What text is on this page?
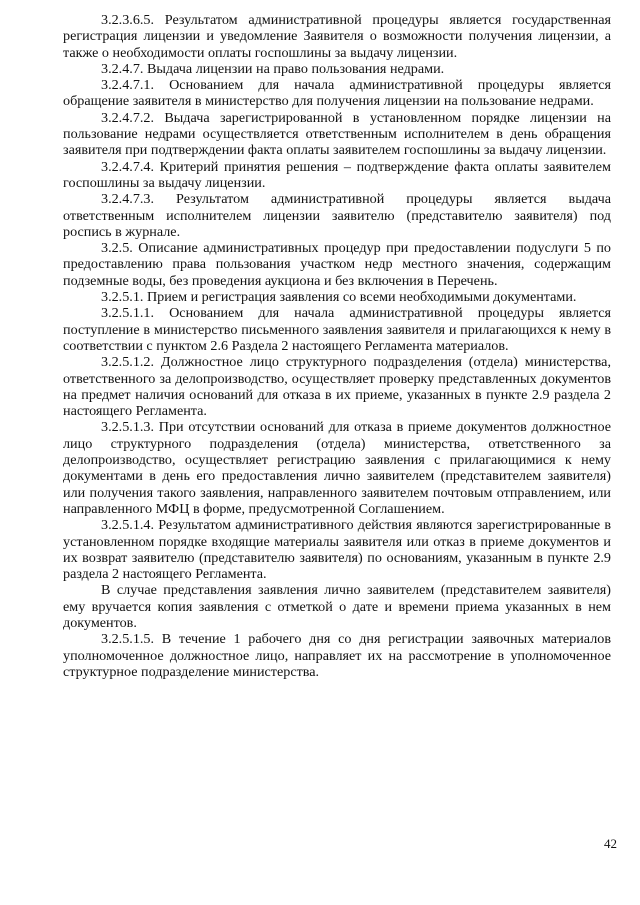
3.2.3.6.5. Результатом административной процедуры является государственная регистрация лицензии и уведомление Заявителя о возможности получения лицензии, а также о необходимости оплаты госпошлины за выдачу лицензии.

3.2.4.7. Выдача лицензии на право пользования недрами.

3.2.4.7.1. Основанием для начала административной процедуры является обращение заявителя в министерство для получения лицензии на пользование недрами.

3.2.4.7.2. Выдача зарегистрированной в установленном порядке лицензии на пользование недрами осуществляется ответственным исполнителем в день обращения заявителя при подтверждении факта оплаты заявителем госпошлины за выдачу лицензии.

3.2.4.7.4. Критерий принятия решения – подтверждение факта оплаты заявителем госпошлины за выдачу лицензии.

3.2.4.7.3. Результатом административной процедуры является выдача ответственным исполнителем лицензии заявителю (представителю заявителя) под роспись в журнале.

3.2.5. Описание административных процедур при предоставлении подуслуги 5 по предоставлению права пользования участком недр местного значения, содержащим подземные воды, без проведения аукциона и без включения в Перечень.

3.2.5.1. Прием и регистрация заявления со всеми необходимыми документами.

3.2.5.1.1. Основанием для начала административной процедуры является поступление в министерство письменного заявления заявителя и прилагающихся к нему в соответствии с пунктом 2.6 Раздела 2 настоящего Регламента материалов.

3.2.5.1.2. Должностное лицо структурного подразделения (отдела) министерства, ответственного за делопроизводство, осуществляет проверку представленных документов на предмет наличия оснований для отказа в их приеме, указанных в пункте 2.9 раздела 2 настоящего Регламента.

3.2.5.1.3. При отсутствии оснований для отказа в приеме документов должностное лицо структурного подразделения (отдела) министерства, ответственного за делопроизводство, осуществляет регистрацию заявления с прилагающимися к нему документами в день его предоставления лично заявителем (представителем заявителя) или получения такого заявления, направленного заявителем почтовым отправлением, или направленного МФЦ в форме, предусмотренной Соглашением.

3.2.5.1.4. Результатом административного действия являются зарегистрированные в установленном порядке входящие материалы заявителя или отказ в приеме документов и их возврат заявителю (представителю заявителя) по основаниям, указанным в пункте 2.9 раздела 2 настоящего Регламента.

В случае представления заявления лично заявителем (представителем заявителя) ему вручается копия заявления с отметкой о дате и времени приема указанных в нем документов.

3.2.5.1.5. В течение 1 рабочего дня со дня регистрации заявочных материалов уполномоченное должностное лицо, направляет их на рассмотрение в уполномоченное структурное подразделение министерства.

42
